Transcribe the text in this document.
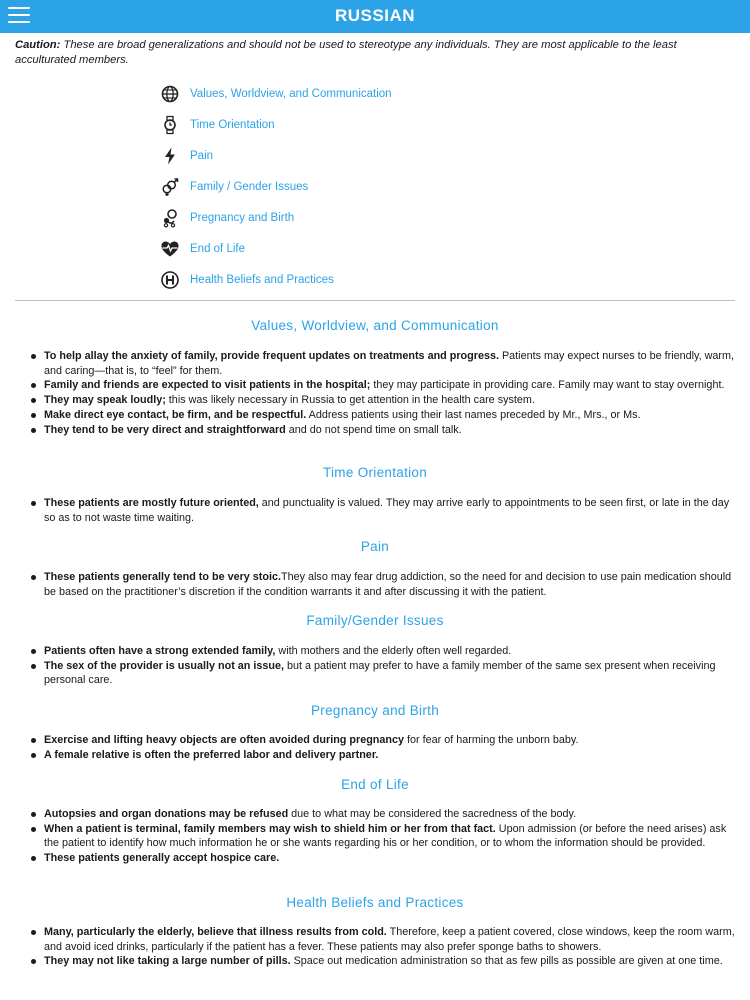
RUSSIAN
Caution: These are broad generalizations and should not be used to stereotype any individuals. They are most applicable to the least acculturated members.
Values, Worldview, and Communication
Time Orientation
Pain
Family / Gender Issues
Pregnancy and Birth
End of Life
Health Beliefs and Practices
Values, Worldview, and Communication
To help allay the anxiety of family, provide frequent updates on treatments and progress. Patients may expect nurses to be friendly, warm, and caring—that is, to “feel” for them.
Family and friends are expected to visit patients in the hospital; they may participate in providing care. Family may want to stay overnight.
They may speak loudly; this was likely necessary in Russia to get attention in the health care system.
Make direct eye contact, be firm, and be respectful. Address patients using their last names preceded by Mr., Mrs., or Ms.
They tend to be very direct and straightforward and do not spend time on small talk.
Time Orientation
These patients are mostly future oriented, and punctuality is valued. They may arrive early to appointments to be seen first, or late in the day so as to not waste time waiting.
Pain
These patients generally tend to be very stoic.They also may fear drug addiction, so the need for and decision to use pain medication should be based on the practitioner’s discretion if the condition warrants it and after discussing it with the patient.
Family/Gender Issues
Patients often have a strong extended family, with mothers and the elderly often well regarded.
The sex of the provider is usually not an issue, but a patient may prefer to have a family member of the same sex present when receiving personal care.
Pregnancy and Birth
Exercise and lifting heavy objects are often avoided during pregnancy for fear of harming the unborn baby.
A female relative is often the preferred labor and delivery partner.
End of Life
Autopsies and organ donations may be refused due to what may be considered the sacredness of the body.
When a patient is terminal, family members may wish to shield him or her from that fact. Upon admission (or before the need arises) ask the patient to identify how much information he or she wants regarding his or her condition, or to whom the information should be provided.
These patients generally accept hospice care.
Health Beliefs and Practices
Many, particularly the elderly, believe that illness results from cold. Therefore, keep a patient covered, close windows, keep the room warm, and avoid iced drinks, particularly if the patient has a fever. These patients may also prefer sponge baths to showers.
They may not like taking a large number of pills. Space out medication administration so that as few pills as possible are given at one time.
